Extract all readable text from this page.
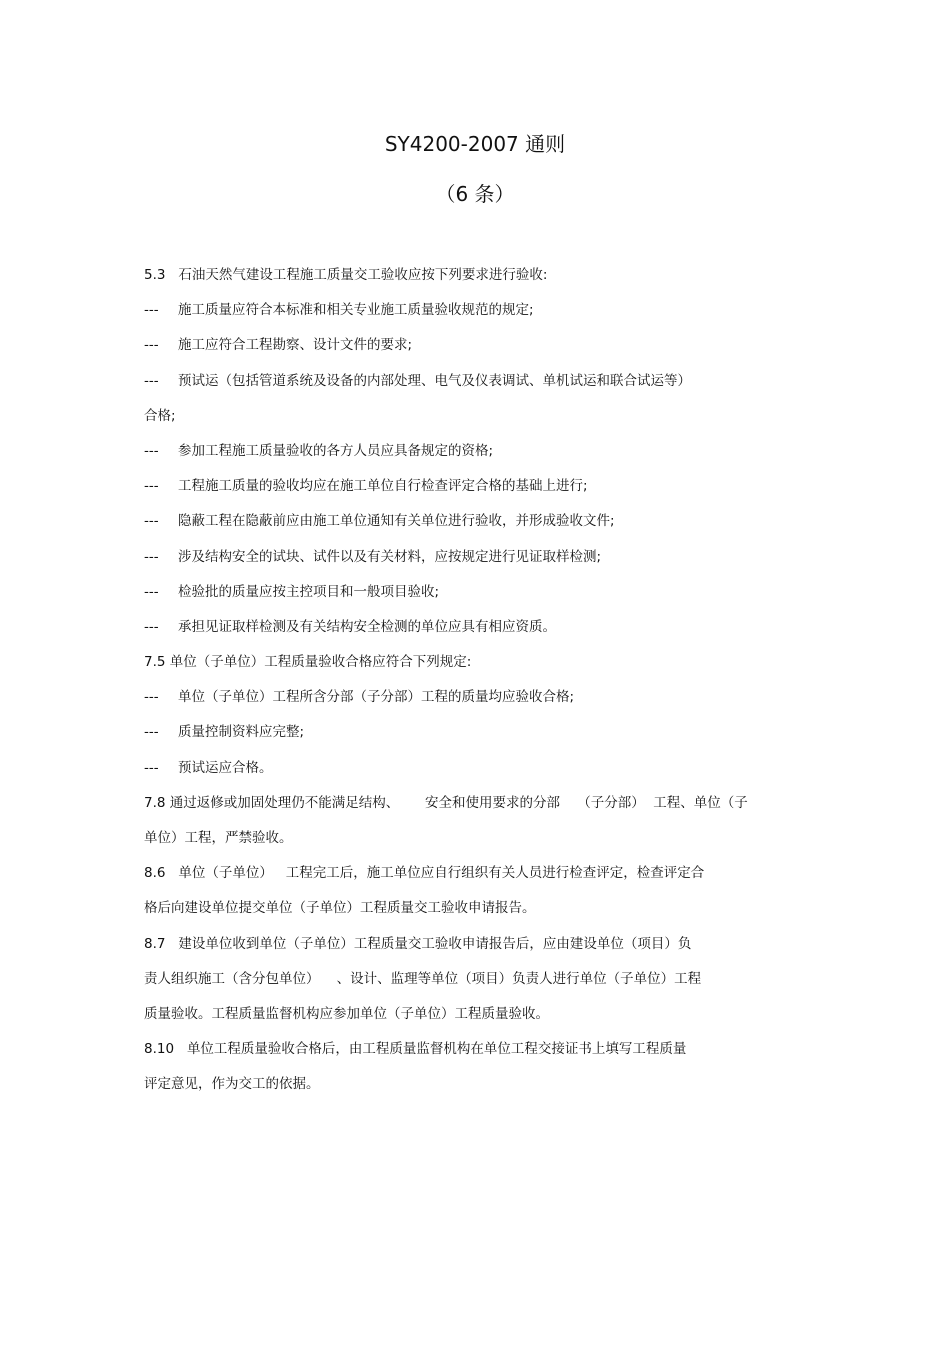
SY4200-2007 通则
（6 条）
5.3 石油天然气建设工程施工质量交工验收应按下列要求进行验收:
--- 施工质量应符合本标准和相关专业施工质量验收规范的规定;
--- 施工应符合工程勘察、设计文件的要求;
--- 预试运（包括管道系统及设备的内部处理、电气及仪表调试、单机试运和联合试运等）
合格;
--- 参加工程施工质量验收的各方人员应具备规定的资格;
--- 工程施工质量的验收均应在施工单位自行检查评定合格的基础上进行;
--- 隐蔽工程在隐蔽前应由施工单位通知有关单位进行验收，并形成验收文件;
--- 涉及结构安全的试块、试件以及有关材料，应按规定进行见证取样检测;
--- 检验批的质量应按主控项目和一般项目验收;
--- 承担见证取样检测及有关结构安全检测的单位应具有相应资质。
7.5 单位（子单位）工程质量验收合格应符合下列规定:
--- 单位（子单位）工程所含分部（子分部）工程的质量均应验收合格;
--- 质量控制资料应完整;
--- 预试运应合格。
7.8 通过返修或加固处理仍不能满足结构、      安全和使用要求的分部    （子分部）  工程、单位（子
单位）工程，严禁验收。
8.6 单位（子单位）   工程完工后，施工单位应自行组织有关人员进行检查评定，检查评定合
格后向建设单位提交单位（子单位）工程质量交工验收申请报告。
8.7 建设单位收到单位（子单位）工程质量交工验收申请报告后，应由建设单位（项目）负
责人组织施工（含分包单位）    、设计、监理等单位（项目）负责人进行单位（子单位）工程
质量验收。工程质量监督机构应参加单位（子单位）工程质量验收。
8.10 单位工程质量验收合格后，由工程质量监督机构在单位工程交接证书上填写工程质量
评定意见，作为交工的依据。
